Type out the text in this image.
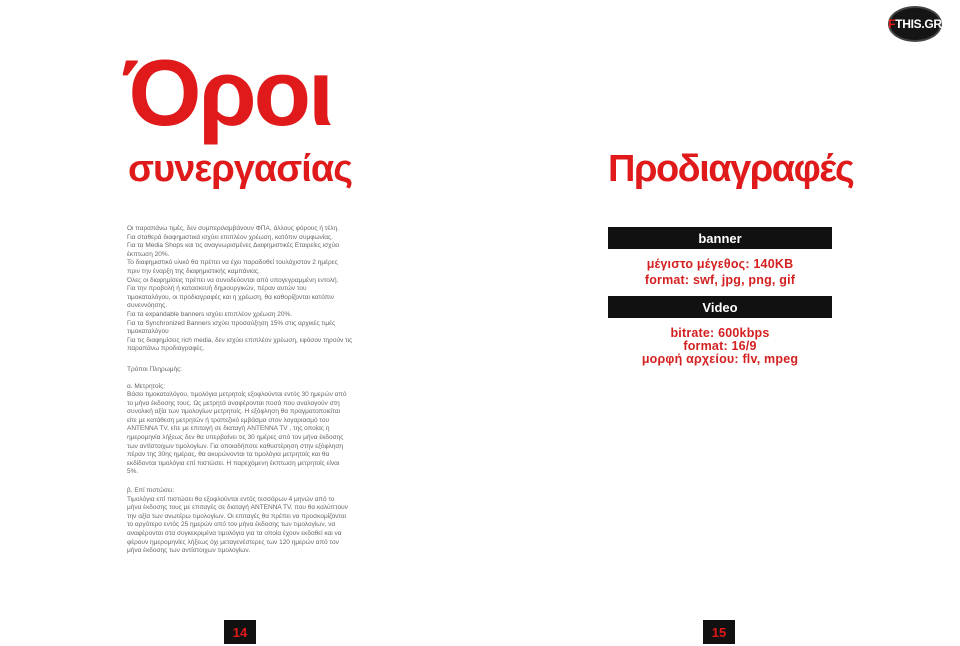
F THIS.GR
Όροι
συνεργασίας	Προδιαγραφές

Οι παραπάνω τιμές, δεν συμπεριλαμβάνουν ΦΠΑ, άλλους φόρους ή τέλη.

Για σταθερά διαφημιστικά ισχύει επιπλέον χρέωση, κατόπιν συμφωνίας.

Για τα Media Shops και τις αναγνωρισμένες Διαφημιστικές Εταιρείες ισχύει

έκπτωση 20%.

Το διαφημιστικό υλικό θα πρέπει να έχει παραδοθεί τουλάχιστον 2 ημέρες

πριν την έναρξη της διαφημιστικής καμπάνιας.

Όλες οι διαφημίσεις πρέπει να συνοδεύονται από υπογεγραμμένη εντολή.

Για την προβολή ή κατασκευή δημιουργικών, πέραν αυτών του

τιμοκαταλόγου, οι προδιαγραφές και η χρέωση, θα καθορίζονται κατόπιν

συνεννόησης.

Για τα expandable banners ισχύει επιπλέον χρέωση 20%.

Για τα Synchronized Banners ισχύει προσαύξηση 15% στις αρχικές τιμές

τιμοκαταλόγου

Για τις διαφημίσεις rich media, δεν ισχύει επιπλέον χρέωση, εφόσον τηρούν τις

παραπάνω προδιαγραφές.

Τρόποι Πληρωμής:

α. Μετρητοίς:

Βάσει τιμοκαταλόγου, τιμολόγια μετρητοίς εξοφλούνται εντός 30 ημερών από

το μήνα έκδοσης τους. Ως μετρητά αναφέρονται ποσά που αναλογούν στη

συνολική αξία των τιμολογίων μετρητοίς. Η εξόφληση θα πραγματοποιείται

είτε με κατάθεση μετρητών ή τραπεζικό εμβάσμα στον λογαριασμό του

ANTENNA TV, είτε με επιταγή σε διαταγή ANTENNA TV , της οποίας η

ημερομηνία λήξεως δεν θα υπερβαίνει τις 30 ημέρες από τον μήνα έκδοσης

των αντίστοιχων τιμολογίων. Για οποιαδήποτε καθυστέρηση στην εξόφληση

πέραν της 30ης ημέρας, θα ακυρώνονται τα τιμολόγια μετρητοίς και θα

εκδίδονται τιμολόγια επί πιστώσει. Η παρεχόμενη έκπτωση μετρητοίς είναι

5%.

β. Επί πιστώσει:

Τιμολόγια επί πιστώσει θα εξοφλούνται εντός τεσσάρων 4 μηνών από το

μήνα έκδοσης τους με επιταγές σε διαταγή ANTENNA TV, που θα καλύπτουν

την αξία των ανωτέρω τιμολογίων. Οι επιταγές θα πρέπει να προσκομίζονται

το αργότερο εντός 25 ημερών από τον μήνα έκδοσης των τιμολογίων, να

αναφέρονται στα συγκεκριμένα τιμολόγια για τα οποία έχουν εκδοθεί και να

φέρουν ημερομηνίες λήξεως όχι μεταγενέστερες των 120 ημερών από τον

μήνα έκδοσης των αντίστοιχων τιμολογίων.

banner
μέγιστο μέγεθος: 140KB
format: swf, jpg, png, gif
Video
bitrate: 600kbps
format: 16/9
μορφή αρχείου: flv, mpeg
14	15
